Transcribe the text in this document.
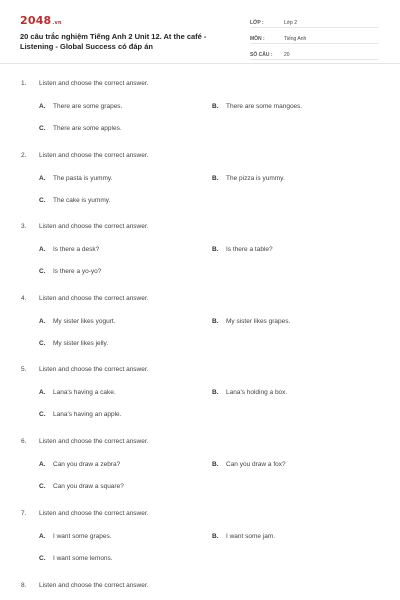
2048.vn
20 câu trắc nghiệm Tiếng Anh 2 Unit 12. At the café - Listening - Global Success có đáp án
LỚP :	Lớp 2
MÔN :	Tiếng Anh
SỐ CÂU :	20
1. Listen and choose the correct answer.
A. There are some grapes.	B. There are some mangoes.
C. There are some apples.
2. Listen and choose the correct answer.
A. The pasta is yummy.	B. The pizza is yummy.
C. The cake is yummy.
3. Listen and choose the correct answer.
A. Is there a desk?	B. Is there a table?
C. Is there a yo-yo?
4. Listen and choose the correct answer.
A. My sister likes yogurt.	B. My sister likes grapes.
C. My sister likes jelly.
5. Listen and choose the correct answer.
A. Lana's having a cake.	B. Lana's holding a box.
C. Lana's having an apple.
6. Listen and choose the correct answer.
A. Can you draw a zebra?	B. Can you draw a fox?
C. Can you draw a square?
7. Listen and choose the correct answer.
A. I want some grapes.	B. I want some jam.
C. I want some lemons.
8. Listen and choose the correct answer.
